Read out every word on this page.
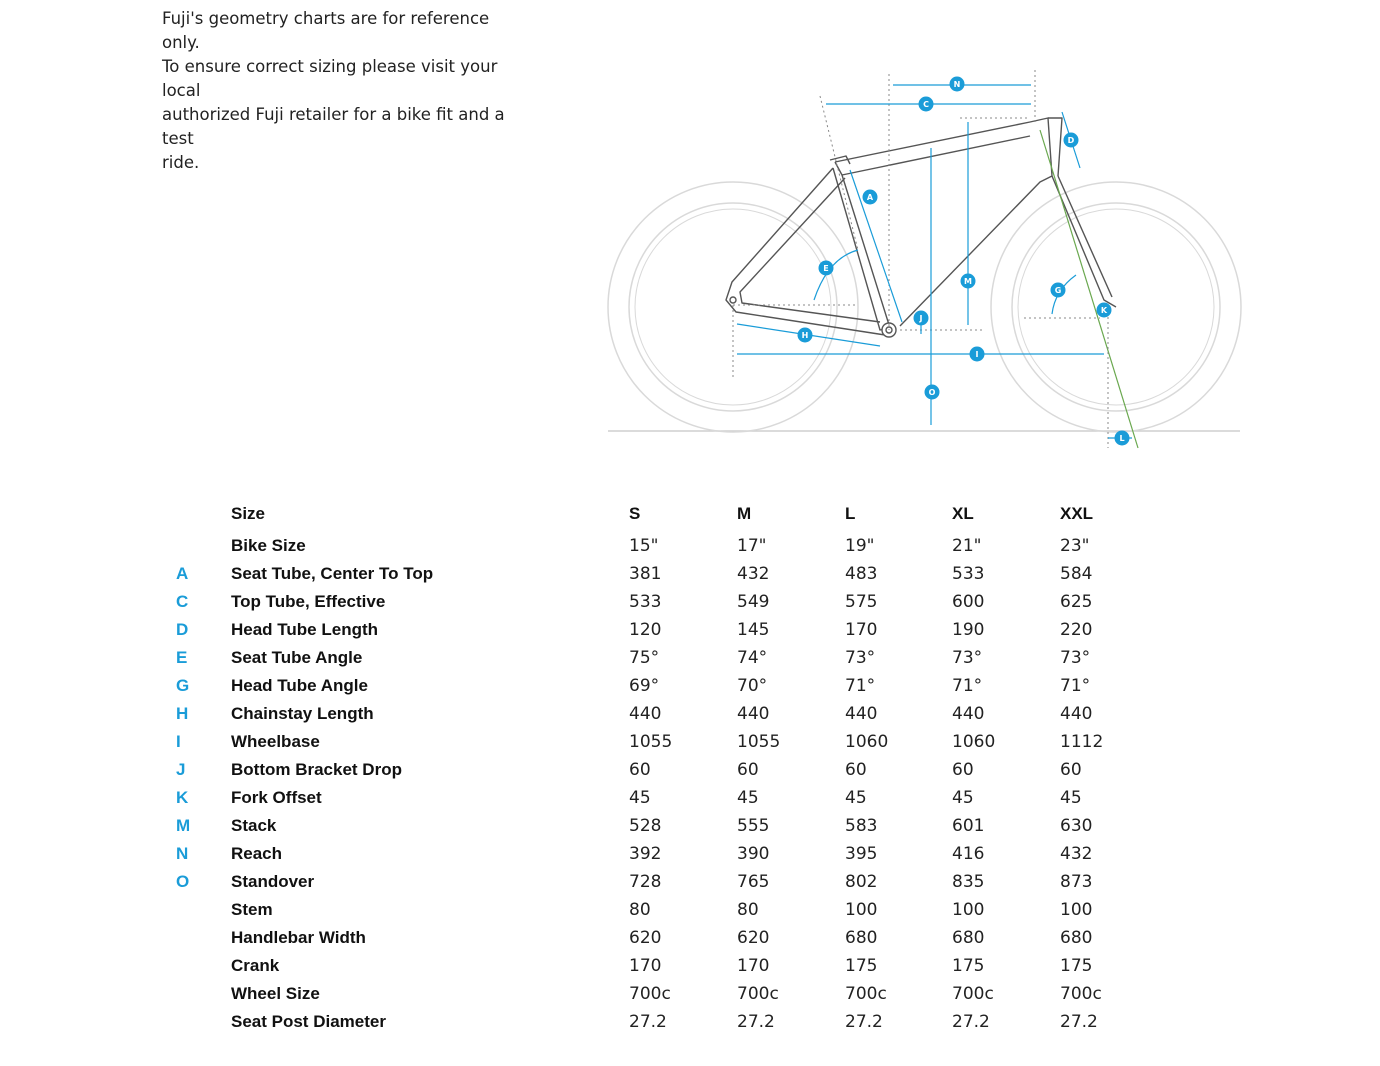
Fuji's geometry charts are for reference only.

To ensure correct sizing please visit your local

authorized Fuji retailer for a bike fit and a test

ride.

N
C
D
A
E
M
G
K
J
H
I
O
L
Size	S	M	L	XL	XXL
Bike Size	15"	17"	19"	21"	23"
A	Seat Tube, Center To Top	381	432	483	533	584
C	Top Tube, Effective	533	549	575	600	625
D	Head Tube Length	120	145	170	190	220
E	Seat Tube Angle	75°	74°	73°	73°	73°
G	Head Tube Angle	69°	70°	71°	71°	71°
H	Chainstay Length	440	440	440	440	440
I	Wheelbase	1055	1055	1060	1060	1112
J	Bottom Bracket Drop	60	60	60	60	60
K	Fork Offset	45	45	45	45	45
M	Stack	528	555	583	601	630
N	Reach	392	390	395	416	432
O	Standover	728	765	802	835	873
Stem	80	80	100	100	100
Handlebar Width	620	620	680	680	680
Crank	170	170	175	175	175
Wheel Size	700c	700c	700c	700c	700c
Seat Post Diameter	27.2	27.2	27.2	27.2	27.2
